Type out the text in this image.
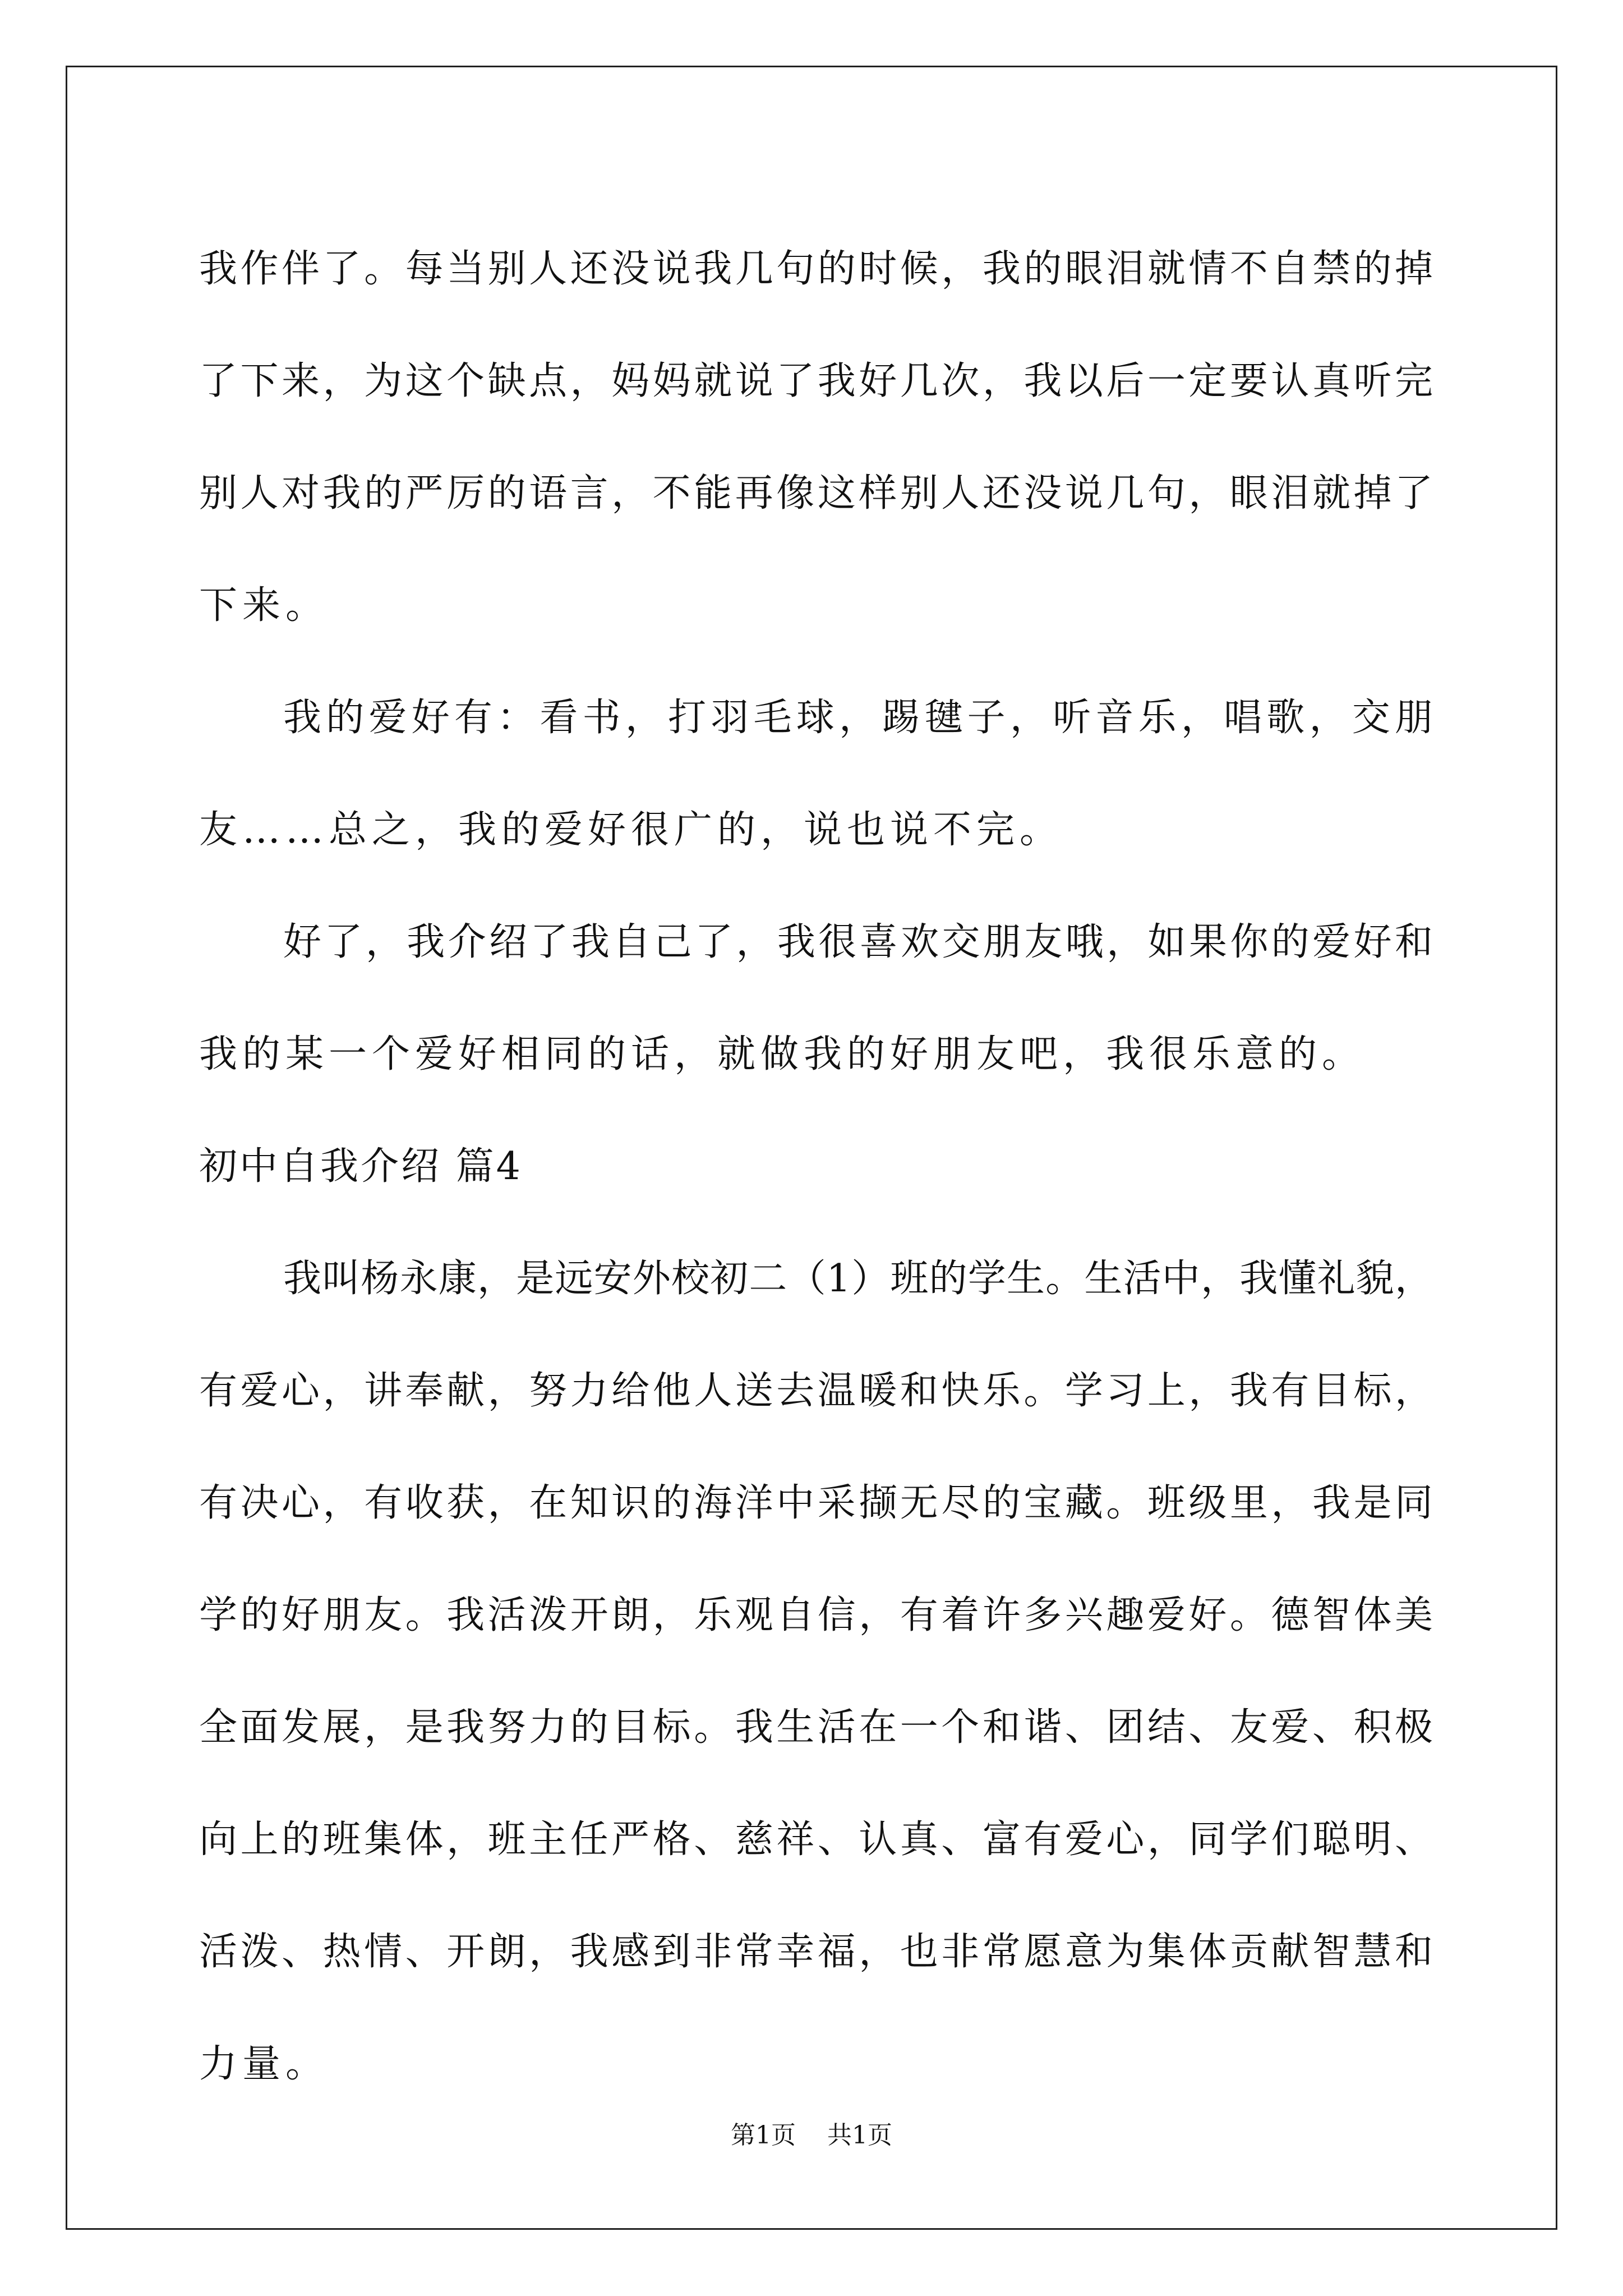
我作伴了。每当别人还没说我几句的时候，我的眼泪就情不自禁的掉
了下来，为这个缺点，妈妈就说了我好几次，我以后一定要认真听完
别人对我的严厉的语言，不能再像这样别人还没说几句，眼泪就掉了
下来。
我的爱好有：看书，打羽毛球，踢毽子，听音乐，唱歌，交朋
友……总之，我的爱好很广的，说也说不完。
好了，我介绍了我自己了，我很喜欢交朋友哦，如果你的爱好和
我的某一个爱好相同的话，就做我的好朋友吧，我很乐意的。
初中自我介绍 篇4
我叫杨永康，是远安外校初二（1）班的学生。生活中，我懂礼貌，
有爱心，讲奉献，努力给他人送去温暖和快乐。学习上，我有目标，
有决心，有收获，在知识的海洋中采撷无尽的宝藏。班级里，我是同
学的好朋友。我活泼开朗，乐观自信，有着许多兴趣爱好。德智体美
全面发展，是我努力的目标。我生活在一个和谐、团结、友爱、积极
向上的班集体，班主任严格、慈祥、认真、富有爱心，同学们聪明、
活泼、热情、开朗，我感到非常幸福，也非常愿意为集体贡献智慧和
力量。
第1页    共1页
